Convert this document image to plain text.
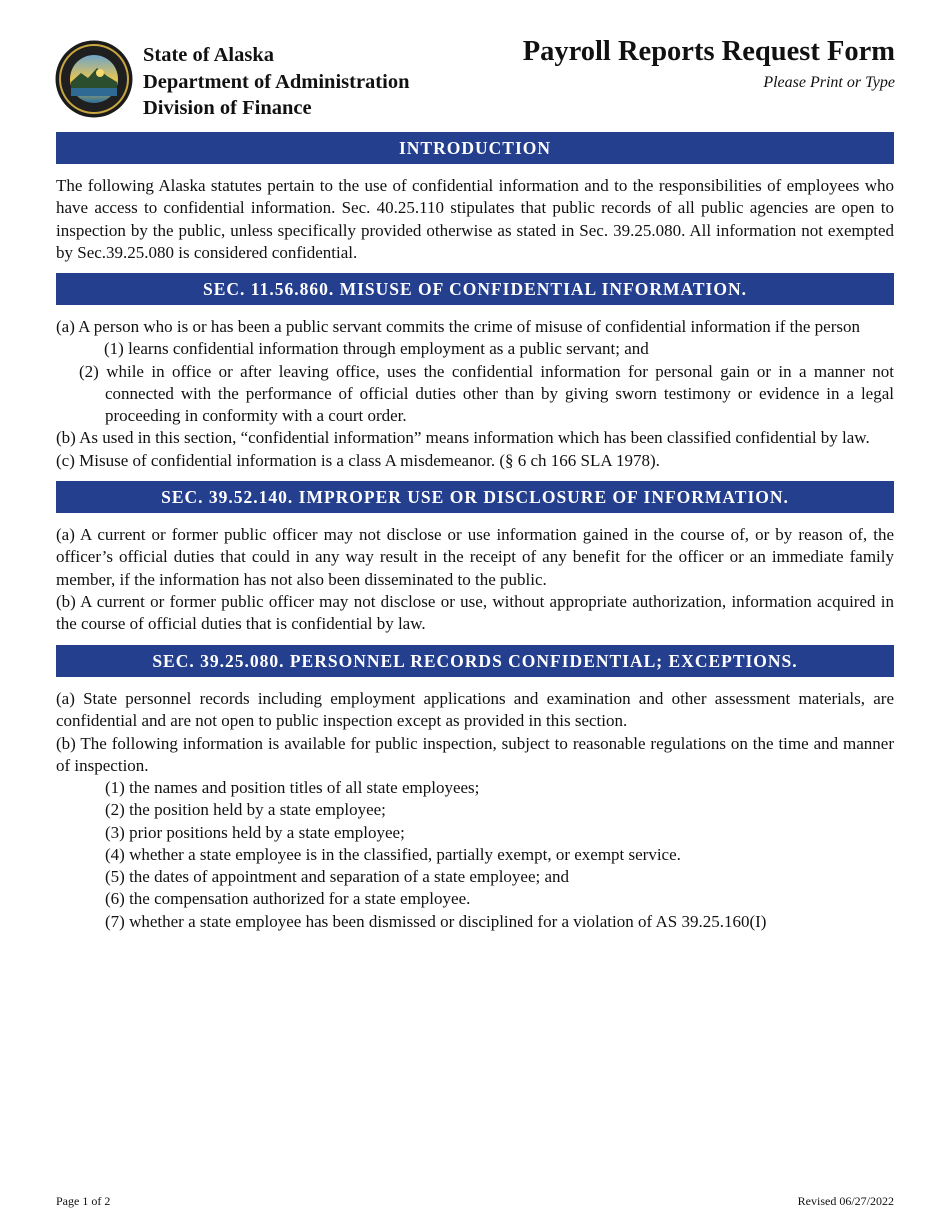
State of Alaska
Department of Administration
Division of Finance
Payroll Reports Request Form
Please Print or Type
INTRODUCTION

The following Alaska statutes pertain to the use of confidential information and to the responsibilities of employees who have access to confidential information. Sec. 40.25.110 stipulates that public records of all public agencies are open to inspection by the public, unless specifically provided otherwise as stated in Sec. 39.25.080. All information not exempted by Sec.39.25.080 is considered confidential.

SEC. 11.56.860. MISUSE OF CONFIDENTIAL INFORMATION.

(a) A person who is or has been a public servant commits the crime of misuse of confidential information if the person

(1) learns confidential information through employment as a public servant; and

(2) while in office or after leaving office, uses the confidential information for personal gain or in a manner not connected with the performance of official duties other than by giving sworn testimony or evidence in a legal proceeding in conformity with a court order.

(b) As used in this section, “confidential information” means information which has been classified confidential by law.

(c) Misuse of confidential information is a class A misdemeanor. (§ 6 ch 166 SLA 1978).

SEC. 39.52.140. IMPROPER USE OR DISCLOSURE OF INFORMATION.

(a) A current or former public officer may not disclose or use information gained in the course of, or by reason of, the officer’s official duties that could in any way result in the receipt of any benefit for the officer or an immediate family member, if the information has not also been disseminated to the public.

(b) A current or former public officer may not disclose or use, without appropriate authorization, information acquired in the course of official duties that is confidential by law.

SEC. 39.25.080. PERSONNEL RECORDS CONFIDENTIAL; EXCEPTIONS.

(a) State personnel records including employment applications and examination and other assessment materials, are confidential and are not open to public inspection except as provided in this section.

(b) The following information is available for public inspection, subject to reasonable regulations on the time and manner of inspection.

(1) the names and position titles of all state employees;
(2) the position held by a state employee;
(3) prior positions held by a state employee;
(4) whether a state employee is in the classified, partially exempt, or exempt service.
(5) the dates of appointment and separation of a state employee; and
(6) the compensation authorized for a state employee.
(7) whether a state employee has been dismissed or disciplined for a violation of AS 39.25.160(I)
Page 1 of 2	Revised 06/27/2022
